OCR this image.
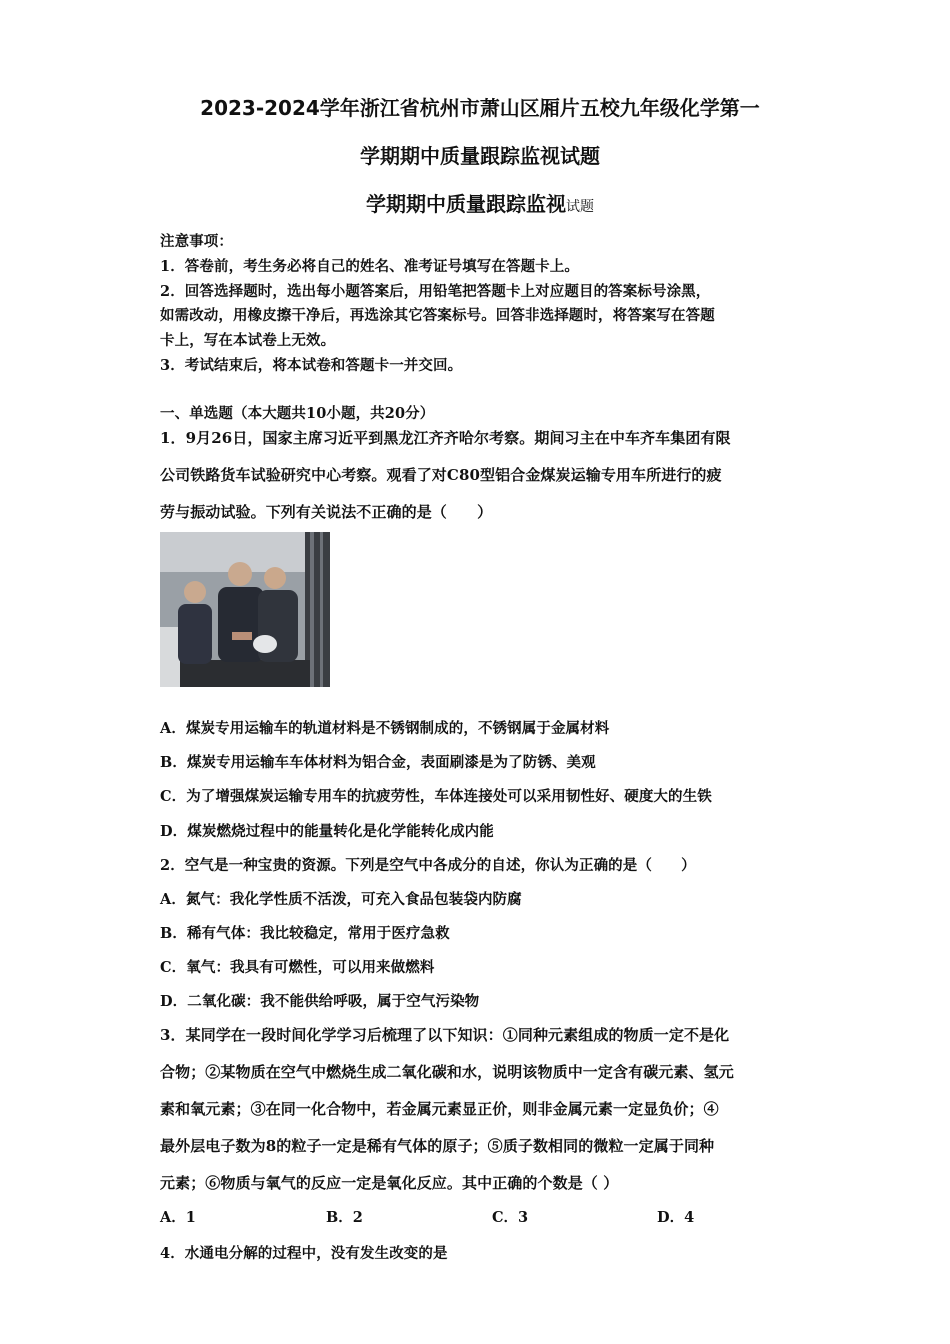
2023-2024学年浙江省杭州市萧山区厢片五校九年级化学第一
学期期中质量跟踪监视试题
学期期中质量跟踪监视试题
注意事项：
1．答卷前，考生务必将自己的姓名、准考证号填写在答题卡上。
2．回答选择题时，选出每小题答案后，用铅笔把答题卡上对应题目的答案标号涂黑，
如需改动，用橡皮擦干净后，再选涂其它答案标号。回答非选择题时，将答案写在答题
卡上，写在本试卷上无效。
3．考试结束后，将本试卷和答题卡一并交回。
一、单选题（本大题共10小题，共20分）
1．9月26日，国家主席习近平到黑龙江齐齐哈尔考察。期间习主在中车齐车集团有限
公司铁路货车试验研究中心考察。观看了对C80型铝合金煤炭运输专用车所进行的疲
劳与振动试验。下列有关说法不正确的是（　　）
A．煤炭专用运输车的轨道材料是不锈钢制成的，不锈钢属于金属材料
B．煤炭专用运输车车体材料为铝合金，表面刷漆是为了防锈、美观
C．为了增强煤炭运输专用车的抗疲劳性，车体连接处可以采用韧性好、硬度大的生铁
D．煤炭燃烧过程中的能量转化是化学能转化成内能
2．空气是一种宝贵的资源。下列是空气中各成分的自述，你认为正确的是（　　）
A．氮气：我化学性质不活泼，可充入食品包装袋内防腐
B．稀有气体：我比较稳定，常用于医疗急救
C．氧气：我具有可燃性，可以用来做燃料
D．二氧化碳：我不能供给呼吸，属于空气污染物
3．某同学在一段时间化学学习后梳理了以下知识：①同种元素组成的物质一定不是化
合物；②某物质在空气中燃烧生成二氧化碳和水，说明该物质中一定含有碳元素、氢元
素和氧元素；③在同一化合物中，若金属元素显正价，则非金属元素一定显负价；④
最外层电子数为8的粒子一定是稀有气体的原子；⑤质子数相同的微粒一定属于同种
元素；⑥物质与氧气的反应一定是氧化反应。其中正确的个数是（ ）
A．1	B．2	C．3	D．4
4．水通电分解的过程中，没有发生改变的是
